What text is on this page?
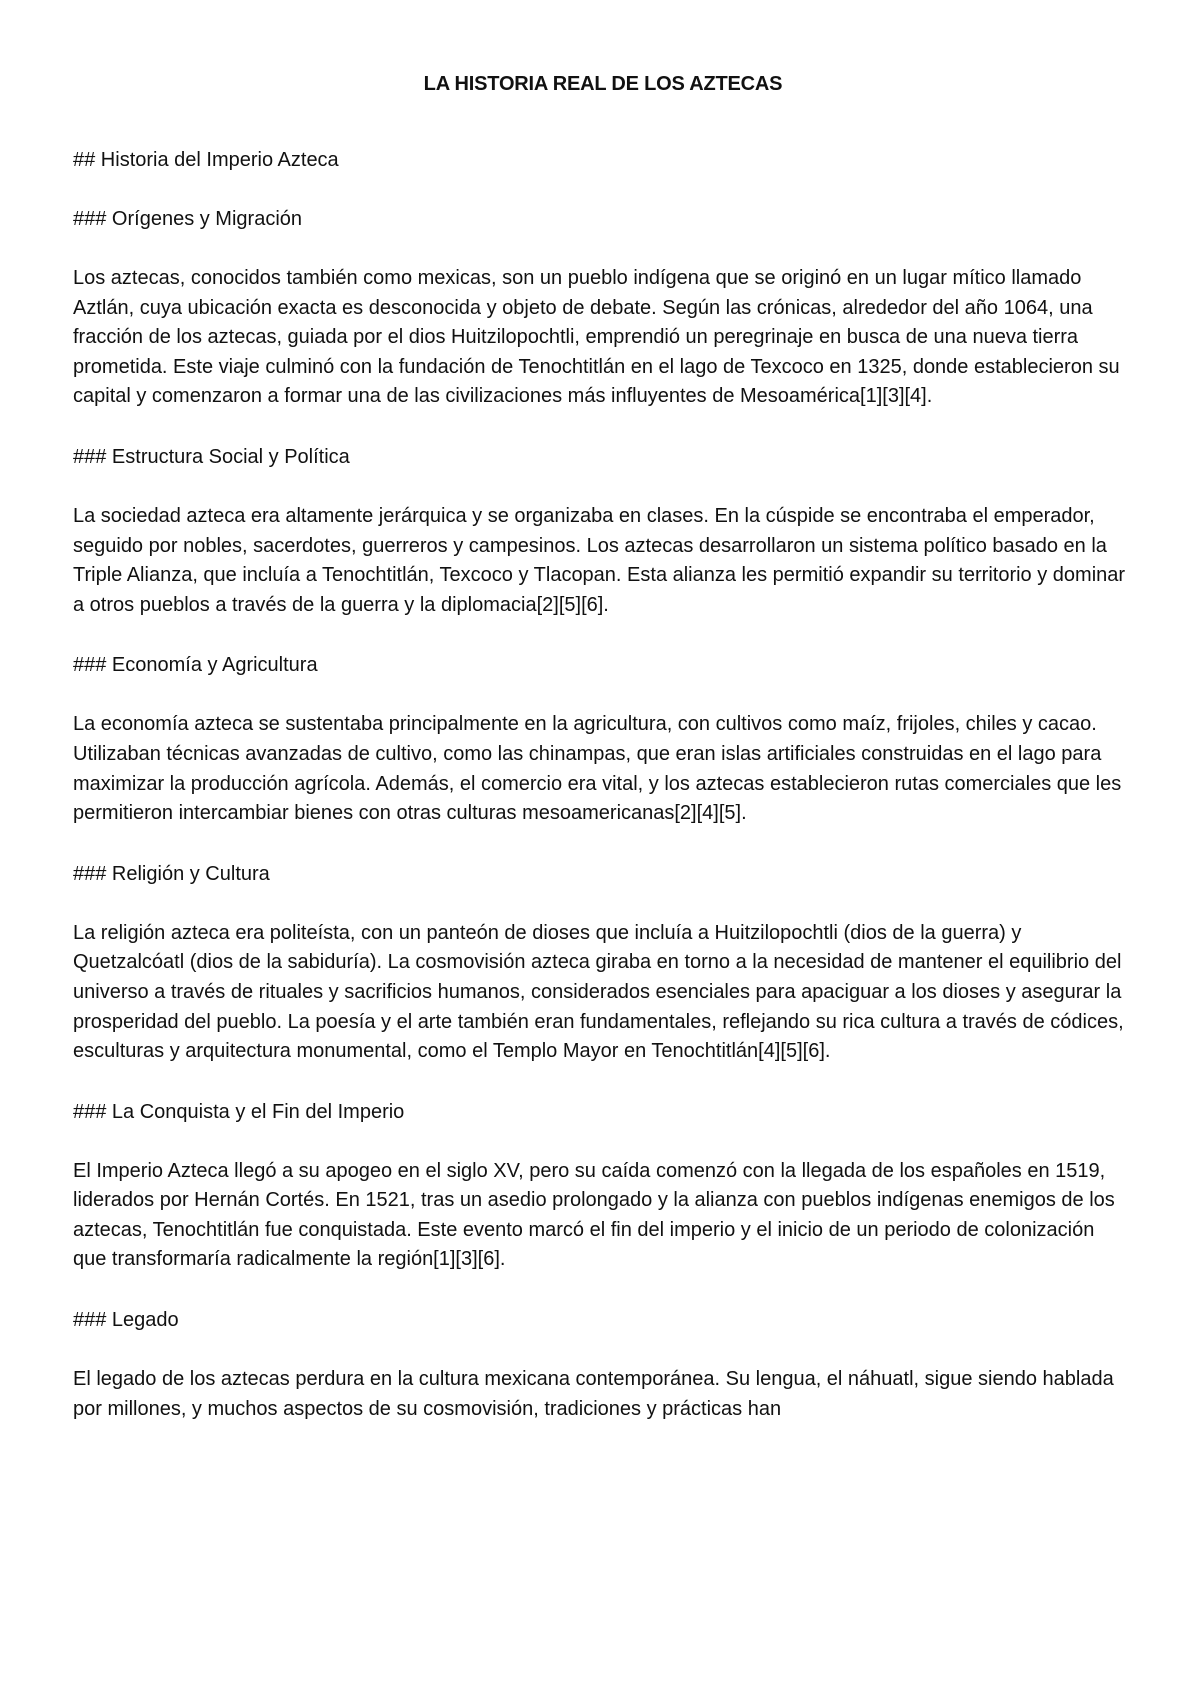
LA HISTORIA REAL DE LOS AZTECAS
## Historia del Imperio Azteca
### Orígenes y Migración

Los aztecas, conocidos también como mexicas, son un pueblo indígena que se originó en un lugar mítico llamado Aztlán, cuya ubicación exacta es desconocida y objeto de debate. Según las crónicas, alrededor del año 1064, una fracción de los aztecas, guiada por el dios Huitzilopochtli, emprendió un peregrinaje en busca de una nueva tierra prometida. Este viaje culminó con la fundación de Tenochtitlán en el lago de Texcoco en 1325, donde establecieron su capital y comenzaron a formar una de las civilizaciones más influyentes de Mesoamérica[1][3][4].

### Estructura Social y Política

La sociedad azteca era altamente jerárquica y se organizaba en clases. En la cúspide se encontraba el emperador, seguido por nobles, sacerdotes, guerreros y campesinos. Los aztecas desarrollaron un sistema político basado en la Triple Alianza, que incluía a Tenochtitlán, Texcoco y Tlacopan. Esta alianza les permitió expandir su territorio y dominar a otros pueblos a través de la guerra y la diplomacia[2][5][6].

### Economía y Agricultura

La economía azteca se sustentaba principalmente en la agricultura, con cultivos como maíz, frijoles, chiles y cacao. Utilizaban técnicas avanzadas de cultivo, como las chinampas, que eran islas artificiales construidas en el lago para maximizar la producción agrícola. Además, el comercio era vital, y los aztecas establecieron rutas comerciales que les permitieron intercambiar bienes con otras culturas mesoamericanas[2][4][5].

### Religión y Cultura

La religión azteca era politeísta, con un panteón de dioses que incluía a Huitzilopochtli (dios de la guerra) y Quetzalcóatl (dios de la sabiduría). La cosmovisión azteca giraba en torno a la necesidad de mantener el equilibrio del universo a través de rituales y sacrificios humanos, considerados esenciales para apaciguar a los dioses y asegurar la prosperidad del pueblo. La poesía y el arte también eran fundamentales, reflejando su rica cultura a través de códices, esculturas y arquitectura monumental, como el Templo Mayor en Tenochtitlán[4][5][6].

### La Conquista y el Fin del Imperio

El Imperio Azteca llegó a su apogeo en el siglo XV, pero su caída comenzó con la llegada de los españoles en 1519, liderados por Hernán Cortés. En 1521, tras un asedio prolongado y la alianza con pueblos indígenas enemigos de los aztecas, Tenochtitlán fue conquistada. Este evento marcó el fin del imperio y el inicio de un periodo de colonización que transformaría radicalmente la región[1][3][6].

### Legado

El legado de los aztecas perdura en la cultura mexicana contemporánea. Su lengua, el náhuatl, sigue siendo hablada por millones, y muchos aspectos de su cosmovisión, tradiciones y prácticas han
